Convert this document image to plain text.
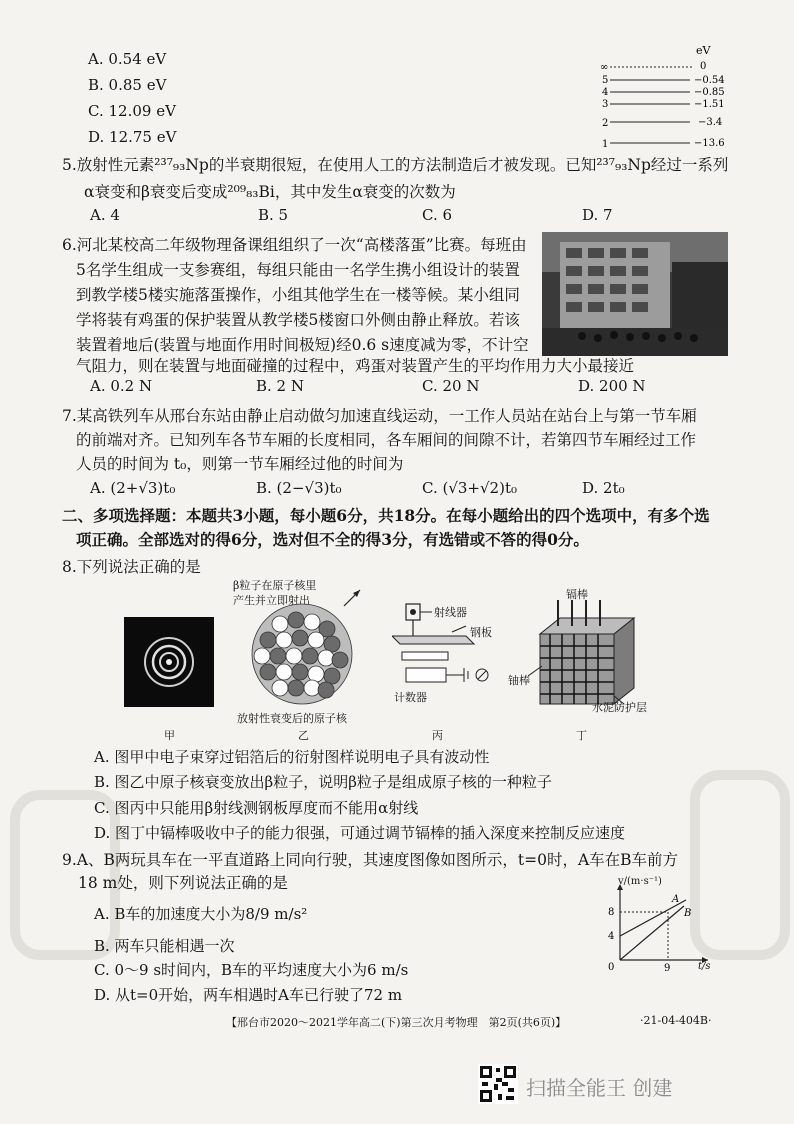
A. 0.54 eV
B. 0.85 eV
C. 12.09 eV
D. 12.75 eV
eV
∞	0
5	−0.54
4	−0.85
3	−1.51
2	−3.4
1	−13.6
5.放射性元素²³⁷₉₃Np的半衰期很短，在使用人工的方法制造后才被发现。已知²³⁷₉₃Np经过一系列
α衰变和β衰变后变成²⁰⁹₈₃Bi，其中发生α衰变的次数为
A. 4	B. 5	C. 6	D. 7
6.河北某校高二年级物理备课组组织了一次“高楼落蛋”比赛。每班由
5名学生组成一支参赛组，每组只能由一名学生携小组设计的装置
到教学楼5楼实施落蛋操作，小组其他学生在一楼等候。某小组同
学将装有鸡蛋的保护装置从教学楼5楼窗口外侧由静止释放。若该
装置着地后(装置与地面作用时间极短)经0.6 s速度减为零，不计空
气阻力，则在装置与地面碰撞的过程中，鸡蛋对装置产生的平均作用力大小最接近
A. 0.2 N	B. 2 N	C. 20 N	D. 200 N
7.某高铁列车从邢台东站由静止启动做匀加速直线运动，一工作人员站在站台上与第一节车厢
的前端对齐。已知列车各节车厢的长度相同，各车厢间的间隙不计，若第四节车厢经过工作
人员的时间为 t₀，则第一节车厢经过他的时间为
A. (2+√3)t₀	B. (2−√3)t₀	C. (√3+√2)t₀	D. 2t₀
二、多项选择题：本题共3小题，每小题6分，共18分。在每小题给出的四个选项中，有多个选
项正确。全部选对的得6分，选对但不全的得3分，有选错或不答的得0分。
8.下列说法正确的是
甲
β粒子在原子核里
产生并立即射出
放射性衰变后的原子核
乙
射线器
钢板
计数器
丙
镉棒
铀棒
水泥防护层
丁
A. 图甲中电子束穿过铝箔后的衍射图样说明电子具有波动性
B. 图乙中原子核衰变放出β粒子，说明β粒子是组成原子核的一种粒子
C. 图丙中只能用β射线测钢板厚度而不能用α射线
D. 图丁中镉棒吸收中子的能力很强，可通过调节镉棒的插入深度来控制反应速度
9.A、B两玩具车在一平直道路上同向行驶，其速度图像如图所示，t=0时，A车在B车前方
18 m处，则下列说法正确的是
A. B车的加速度大小为8/9 m/s²
B. 两车只能相遇一次
C. 0～9 s时间内，B车的平均速度大小为6 m/s
D. 从t=0开始，两车相遇时A车已行驶了72 m
8
4
9
0
A
B
v/(m·s⁻¹)
t/s
【邢台市2020～2021学年高二(下)第三次月考物理　第2页(共6页)】	·21-04-404B·
扫描全能王 创建
